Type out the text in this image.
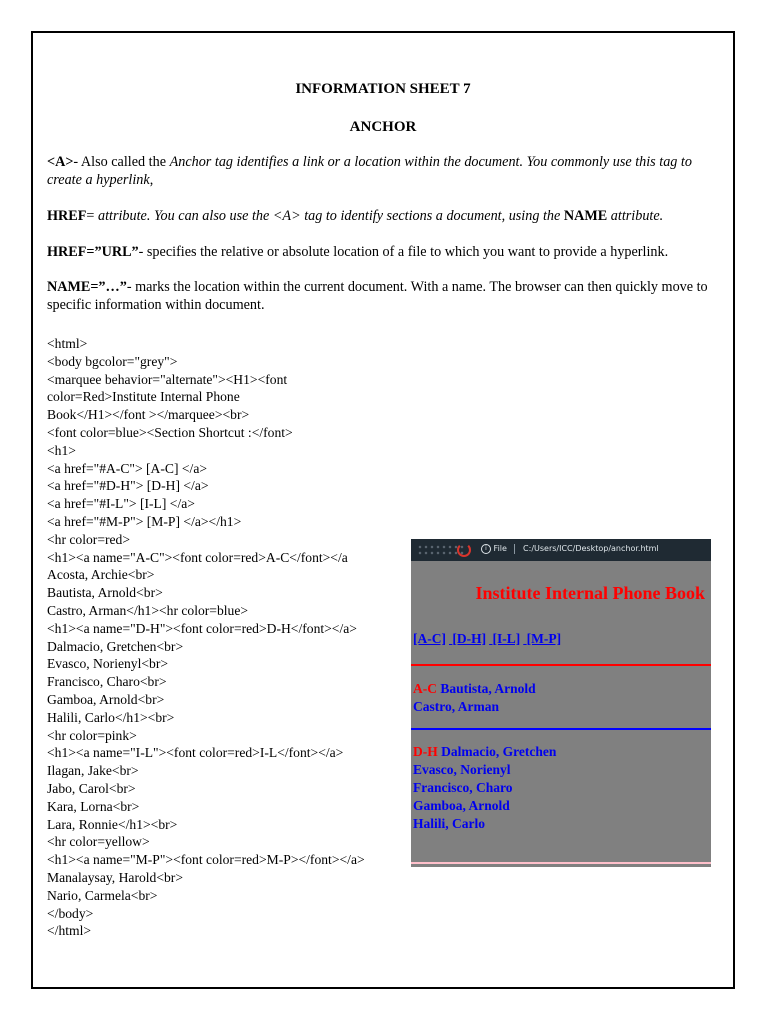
INFORMATION SHEET 7
ANCHOR
<A>- Also called the Anchor tag identifies a link or a location within the document. You commonly use this tag to create a hyperlink,
HREF= attribute. You can also use the <A> tag to identify sections a document, using the NAME attribute.
HREF=”URL”- specifies the relative or absolute location of a file to which you want to provide a hyperlink.
NAME=”…”- marks the location within the current document. With a name. The browser can then quickly move to specific information within document.
<html>
<body bgcolor="grey">
<marquee behavior="alternate"><H1><font
color=Red>Institute Internal Phone
Book</H1></font ></marquee><br>
<font color=blue><Section Shortcut :</font>
<h1>
<a href="#A-C"> [A-C] </a>
<a href="#D-H"> [D-H] </a>
<a href="#I-L"> [I-L] </a>
<a href="#M-P"> [M-P] </a></h1>
<hr color=red>
<h1><a name="A-C"><font color=red>A-C</font></a
Acosta, Archie<br>
Bautista, Arnold<br>
Castro, Arman</h1><hr color=blue>
<h1><a name="D-H"><font color=red>D-H</font></a>
Dalmacio, Gretchen<br>
Evasco, Norienyl<br>
Francisco, Charo<br>
Gamboa, Arnold<br>
Halili, Carlo</h1><br>
<hr color=pink>
<h1><a name="I-L"><font color=red>I-L</font></a>
Ilagan, Jake<br>
Jabo, Carol<br>
Kara, Lorna<br>
Lara, Ronnie</h1><br>
<hr color=yellow>
<h1><a name="M-P"><font color=red>M-P></font></a>
Manalaysay, Harold<br>
Nario, Carmela<br>
</body>
</html>
i File C:/Users/ICC/Desktop/anchor.html
Institute Internal Phone Book
[A-C] [D-H] [I-L] [M-P]
A-C Bautista, Arnold
Castro, Arman
D-H Dalmacio, Gretchen
Evasco, Norienyl
Francisco, Charo
Gamboa, Arnold
Halili, Carlo
